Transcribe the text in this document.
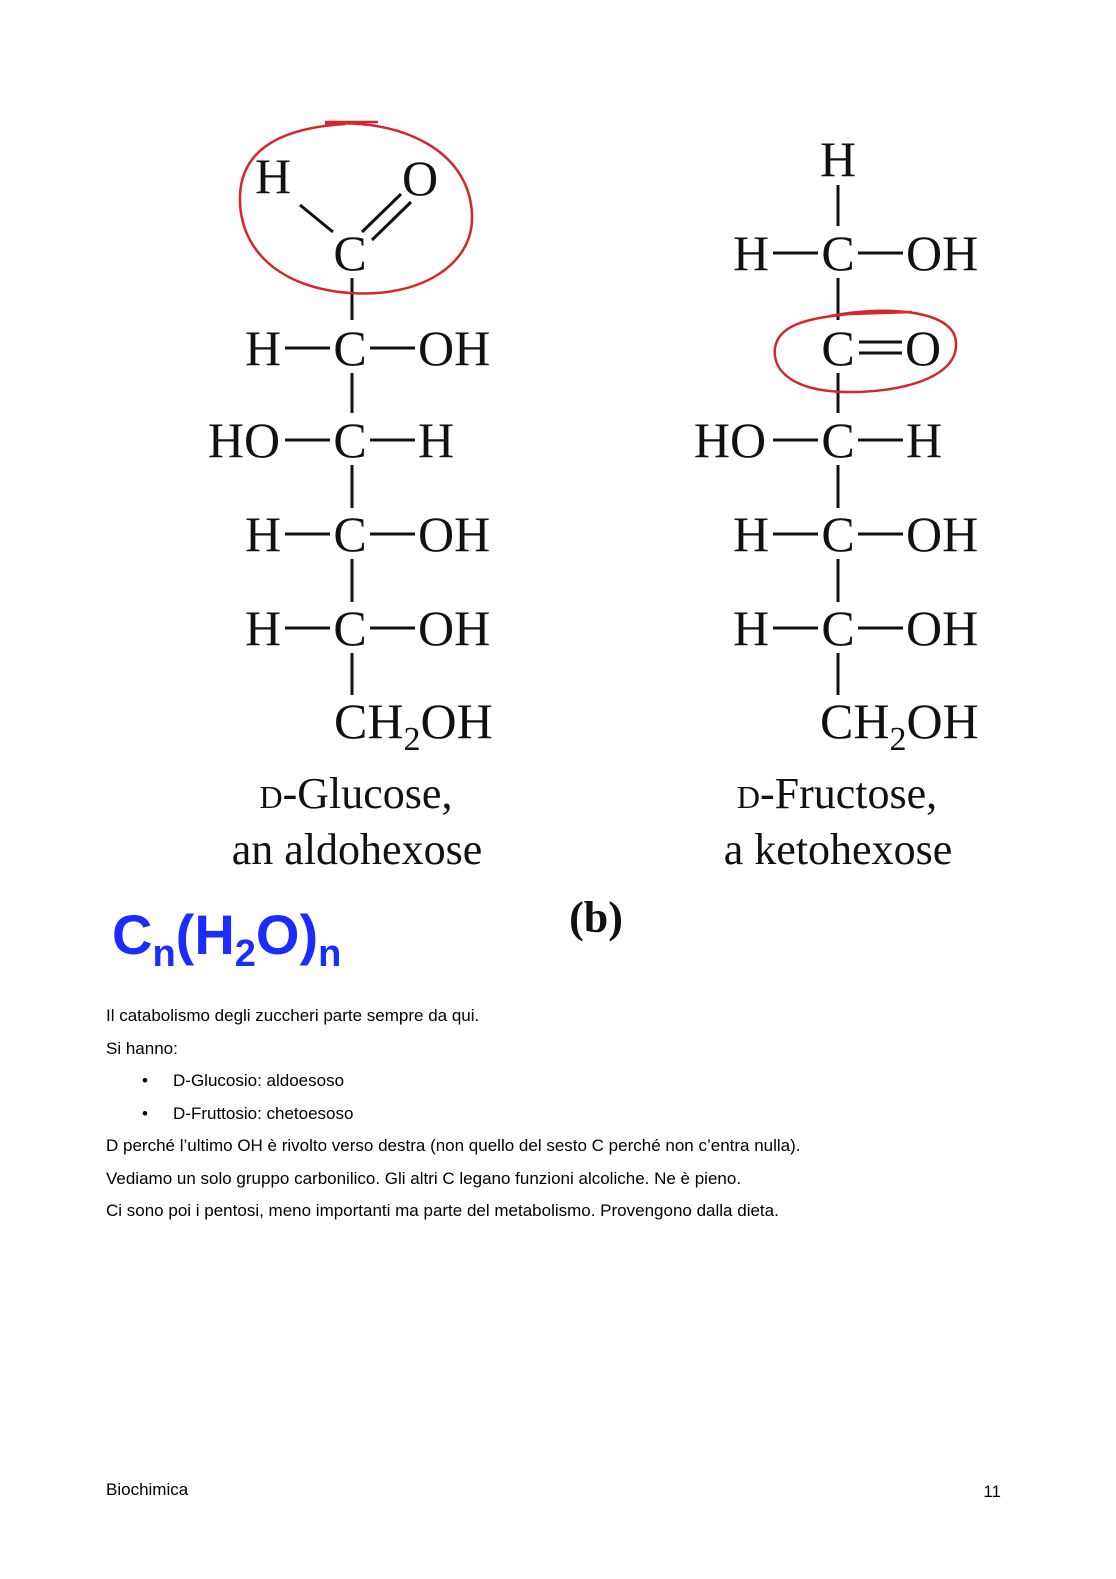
H O
C
H C OH
HO C H
H C OH
H C OH
$CH_2OH$
D-Glucose,
an aldohexose
H
H C OH
C O
HO C H
H C OH
H C OH
$CH_2OH$
D-Fructose,
a ketohexose
(b)
$C_n(H_2O)_n$

Il catabolismo degli zuccheri parte sempre da qui.

Si hanno:

• D-Glucosio: aldoesoso
• D-Fruttosio: chetoesoso

D perché l’ultimo OH è rivolto verso destra (non quello del sesto C perché non c’entra nulla).

Vediamo un solo gruppo carbonilico. Gli altri C legano funzioni alcoliche. Ne è pieno.

Ci sono poi i pentosi, meno importanti ma parte del metabolismo. Provengono dalla dieta.

Biochimica	11
